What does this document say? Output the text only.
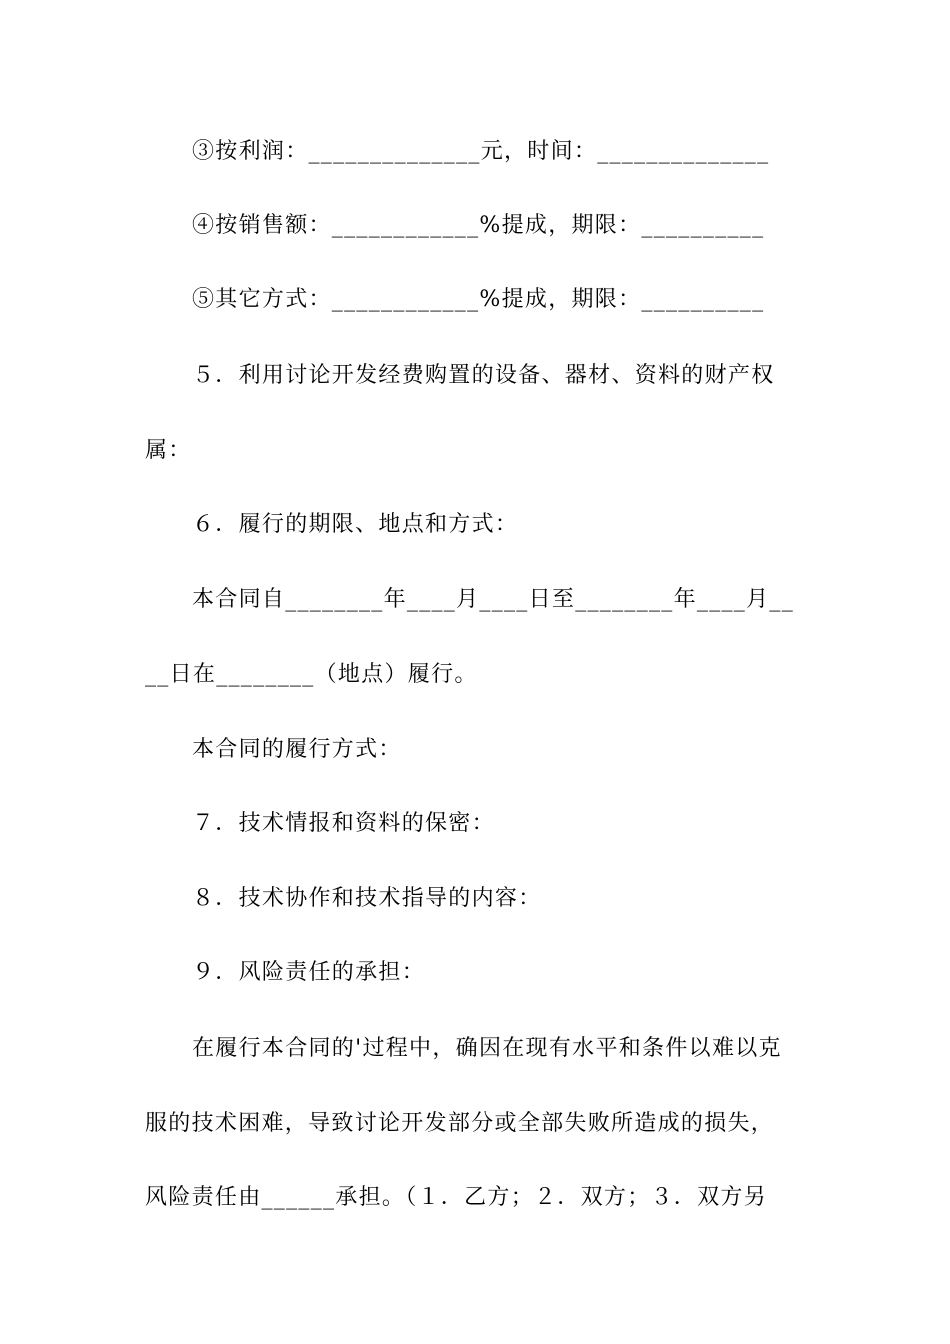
③按利润：______________元，时间：______________
④按销售额：____________%提成，期限：__________
⑤其它方式：____________%提成，期限：__________
５．利用讨论开发经费购置的设备、器材、资料的财产权
属：
６．履行的期限、地点和方式：
本合同自________年____月____日至________年____月__
__日在________（地点）履行。
本合同的履行方式：
７．技术情报和资料的保密：
８．技术协作和技术指导的内容：
９．风险责任的承担：
在履行本合同的'过程中，确因在现有水平和条件以难以克
服的技术困难，导致讨论开发部分或全部失败所造成的损失，
风险责任由______承担。（１．乙方；２．双方；３．双方另
